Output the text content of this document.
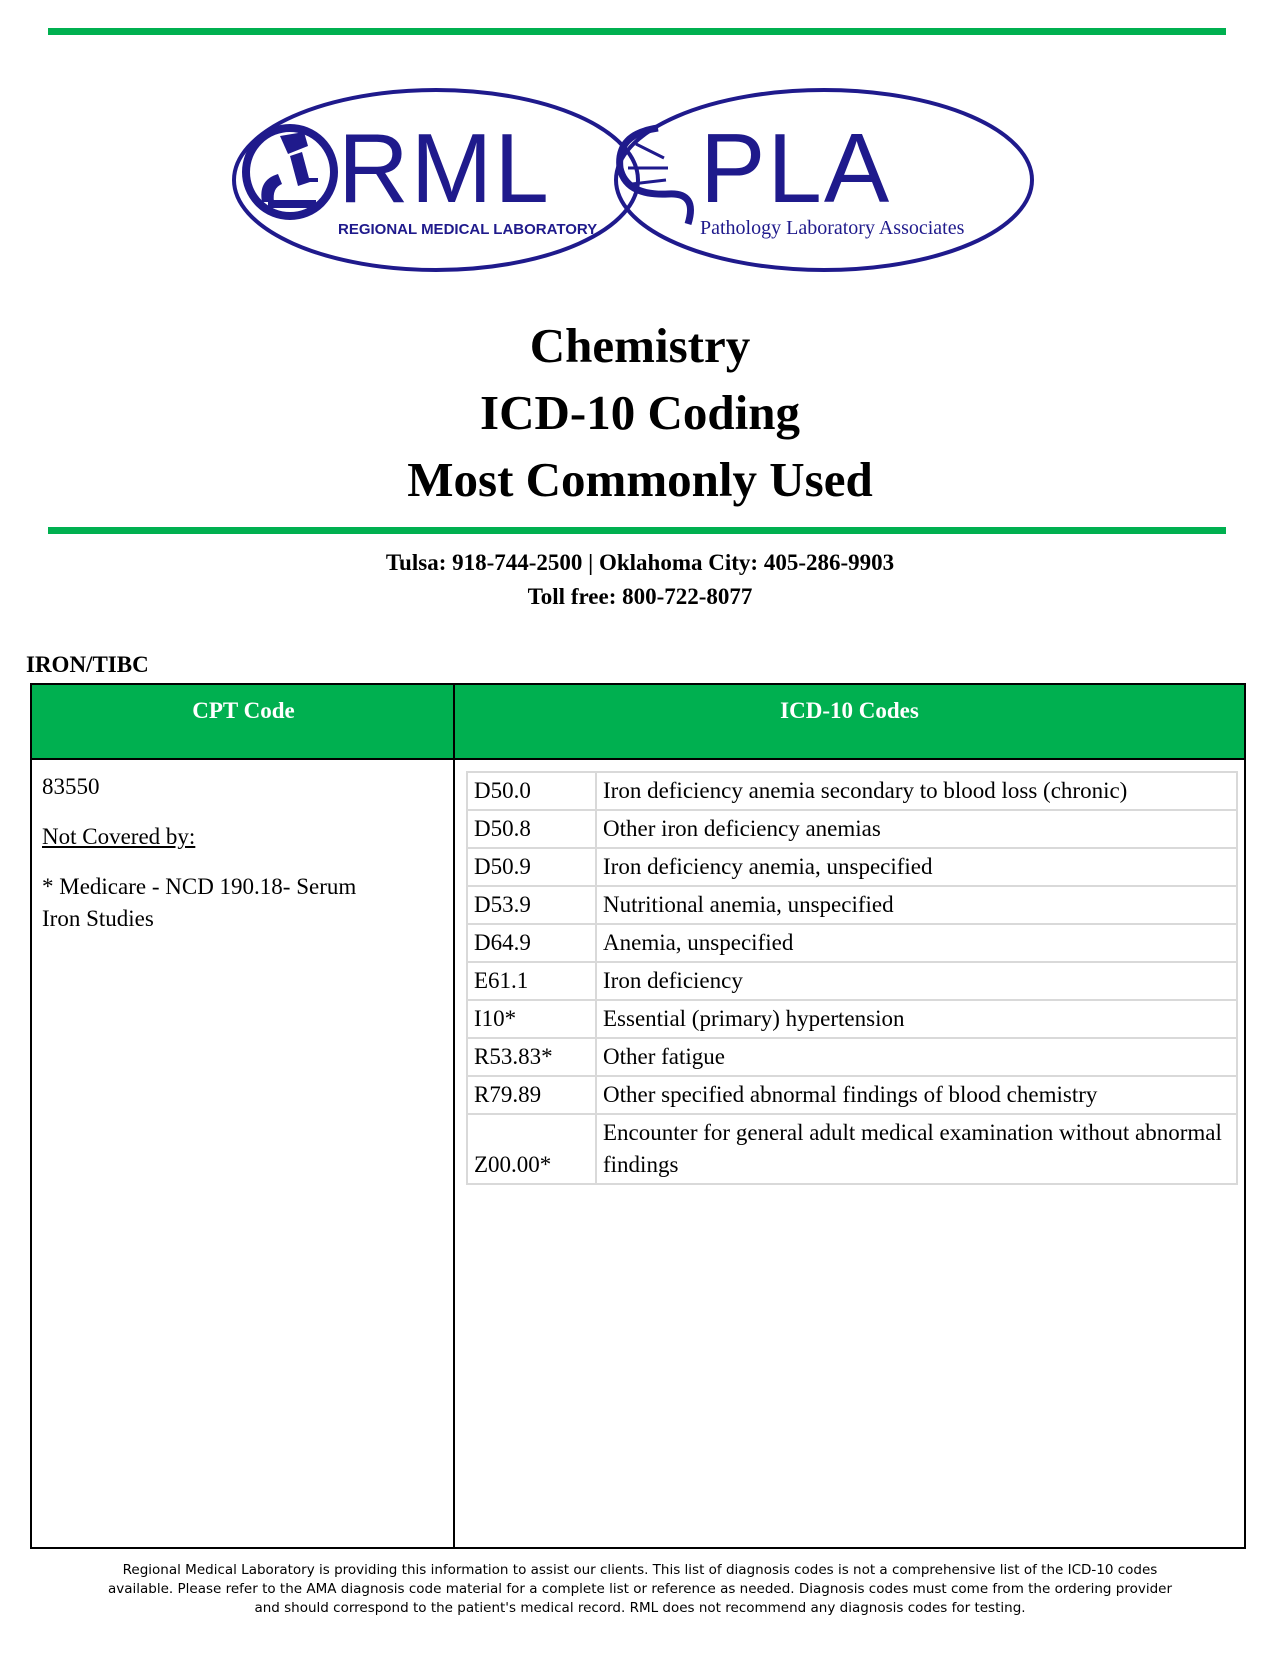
RML
REGIONAL MEDICAL LABORATORY
PLA
Pathology Laboratory Associates
Chemistry
ICD-10 Coding
Most Commonly Used
Tulsa: 918-744-2500 | Oklahoma City: 405-286-9903
Toll free: 800-722-8077
IRON/TIBC
CPT Code	ICD-10 Codes

83550

Not Covered by:

* Medicare - NCD 190.18- Serum
Iron Studies

D50.0	Iron deficiency anemia secondary to blood loss (chronic)
D50.8	Other iron deficiency anemias
D50.9	Iron deficiency anemia, unspecified
D53.9	Nutritional anemia, unspecified
D64.9	Anemia, unspecified
E61.1	Iron deficiency
I10*	Essential (primary) hypertension
R53.83*	Other fatigue
R79.89	Other specified abnormal findings of blood chemistry
Z00.00*	Encounter for general adult medical examination without abnormal findings
Regional Medical Laboratory is providing this information to assist our clients. This list of diagnosis codes is not a comprehensive list of the ICD-10 codes
available. Please refer to the AMA diagnosis code material for a complete list or reference as needed. Diagnosis codes must come from the ordering provider
and should correspond to the patient's medical record. RML does not recommend any diagnosis codes for testing.
